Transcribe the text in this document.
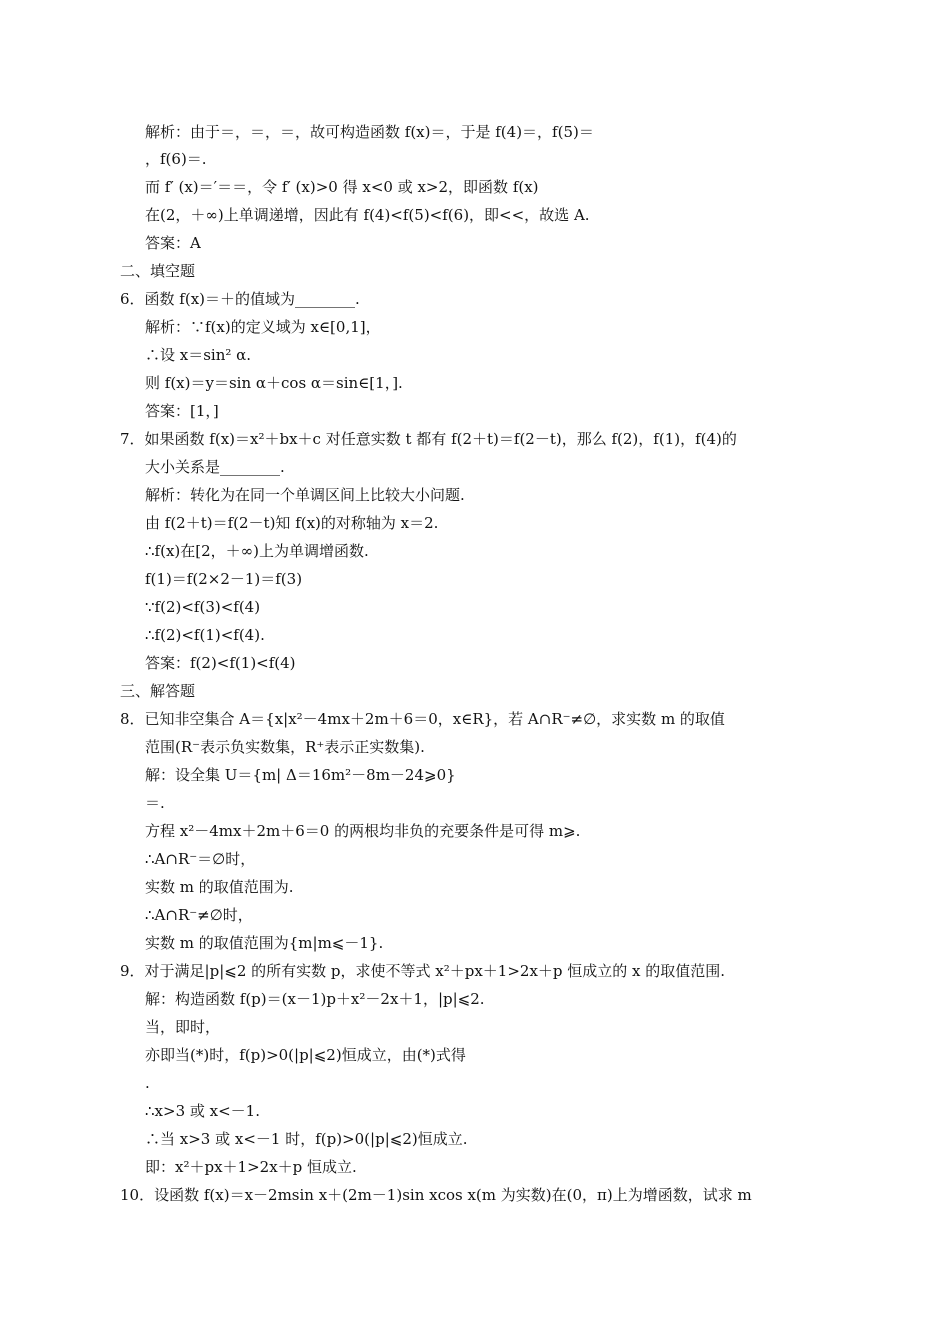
解析：由于＝，＝，＝，故可构造函数 f(x)＝，于是 f(4)＝，f(5)＝
，f(6)＝.
而 f′ (x)＝′＝＝，令 f′ (x)>0 得 x<0 或 x>2，即函数 f(x)
在(2，＋∞)上单调递增，因此有 f(4)<f(5)<f(6)，即<<，故选 A.
答案：A
二、填空题
6．函数 f(x)＝＋的值域为________.
解析：∵f(x)的定义域为 x∈[0,1]，
∴设 x＝sin² α.
则 f(x)＝y＝sin α＋cos α＝sin∈[1，].
答案：[1，]
7．如果函数 f(x)＝x²＋bx＋c 对任意实数 t 都有 f(2＋t)＝f(2－t)，那么 f(2)，f(1)，f(4)的
大小关系是________.
解析：转化为在同一个单调区间上比较大小问题.
由 f(2＋t)＝f(2－t)知 f(x)的对称轴为 x＝2.
∴f(x)在[2，＋∞)上为单调增函数.
f(1)＝f(2×2－1)＝f(3)
∵f(2)<f(3)<f(4)
∴f(2)<f(1)<f(4).
答案：f(2)<f(1)<f(4)
三、解答题
8．已知非空集合 A＝{x|x²－4mx＋2m＋6＝0，x∈R}，若 A∩R⁻≠∅，求实数 m 的取值
范围(R⁻表示负实数集，R⁺表示正实数集).
解：设全集 U＝{m| Δ＝16m²－8m－24⩾0}
＝.
方程 x²－4mx＋2m＋6＝0 的两根均非负的充要条件是可得 m⩾.
∴A∩R⁻＝∅时，
实数 m 的取值范围为.
∴A∩R⁻≠∅时，
实数 m 的取值范围为{m|m⩽－1}.
9．对于满足|p|⩽2 的所有实数 p，求使不等式 x²＋px＋1>2x＋p 恒成立的 x 的取值范围.
解：构造函数 f(p)＝(x－1)p＋x²－2x＋1，|p|⩽2.
当，即时，
亦即当(*)时，f(p)>0(|p|⩽2)恒成立，由(*)式得
.
∴x>3 或 x<－1.
∴当 x>3 或 x<－1 时，f(p)>0(|p|⩽2)恒成立.
即：x²＋px＋1>2x＋p 恒成立.
10．设函数 f(x)＝x－2msin x＋(2m－1)sin xcos x(m 为实数)在(0，π)上为增函数，试求 m
